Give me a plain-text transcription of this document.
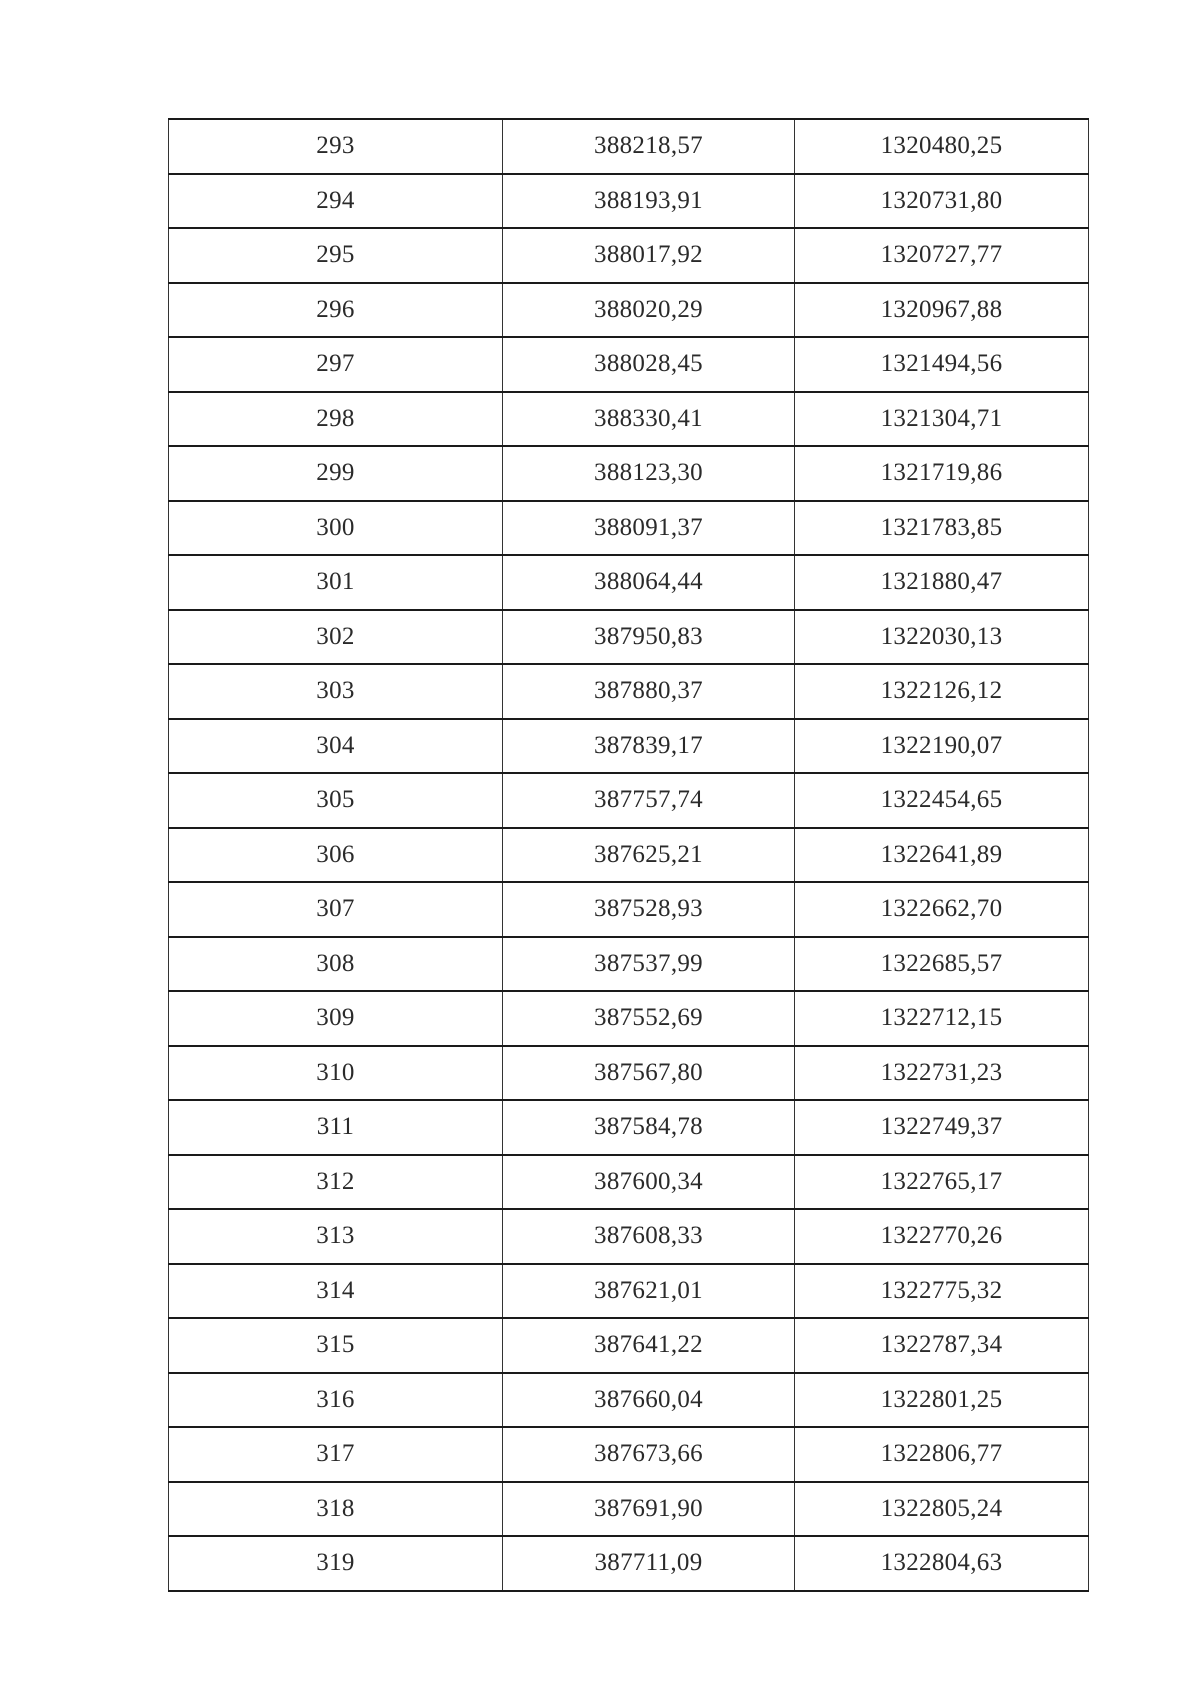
293	388218,57	1320480,25
294	388193,91	1320731,80
295	388017,92	1320727,77
296	388020,29	1320967,88
297	388028,45	1321494,56
298	388330,41	1321304,71
299	388123,30	1321719,86
300	388091,37	1321783,85
301	388064,44	1321880,47
302	387950,83	1322030,13
303	387880,37	1322126,12
304	387839,17	1322190,07
305	387757,74	1322454,65
306	387625,21	1322641,89
307	387528,93	1322662,70
308	387537,99	1322685,57
309	387552,69	1322712,15
310	387567,80	1322731,23
311	387584,78	1322749,37
312	387600,34	1322765,17
313	387608,33	1322770,26
314	387621,01	1322775,32
315	387641,22	1322787,34
316	387660,04	1322801,25
317	387673,66	1322806,77
318	387691,90	1322805,24
319	387711,09	1322804,63
